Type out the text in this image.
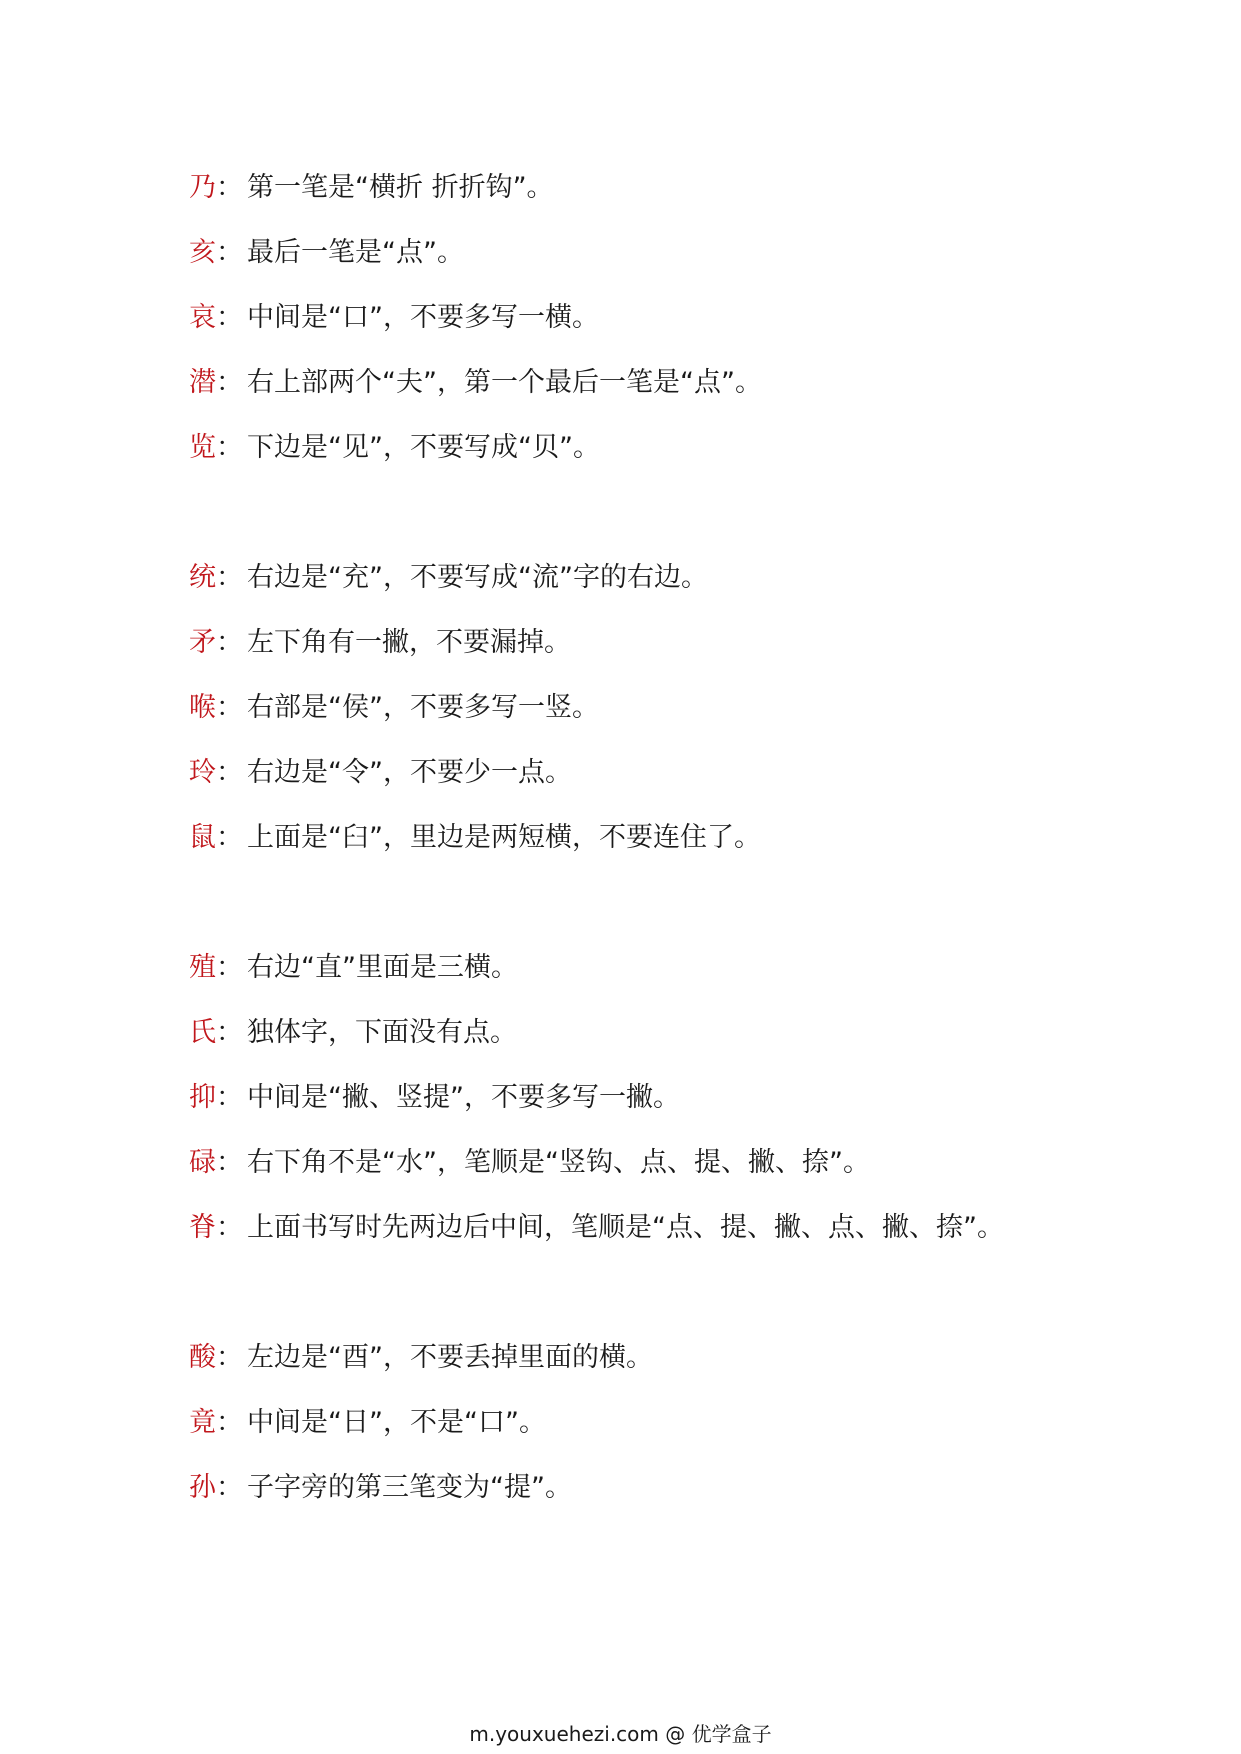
乃： 第一笔是“横折 折折钩”。

亥： 最后一笔是“点”。

哀： 中间是“口”，不要多写一横。

潜： 右上部两个“夫”，第一个最后一笔是“点”。

览： 下边是“见”，不要写成“贝”。

统： 右边是“充”，不要写成“流”字的右边。

矛： 左下角有一撇，不要漏掉。

喉： 右部是“侯”，不要多写一竖。

玲： 右边是“令”，不要少一点。

鼠： 上面是“臼”，里边是两短横，不要连住了。

殖： 右边“直”里面是三横。

氏： 独体字，下面没有点。

抑： 中间是“撇、竖提”，不要多写一撇。

碌： 右下角不是“水”，笔顺是“竖钩、点、提、撇、捺”。

脊： 上面书写时先两边后中间，笔顺是“点、提、撇、点、撇、捺”。

酸： 左边是“酉”，不要丢掉里面的横。

竟： 中间是“日”，不是“口”。

孙： 子字旁的第三笔变为“提”。

m.youxuehezi.com @ 优学盒子
